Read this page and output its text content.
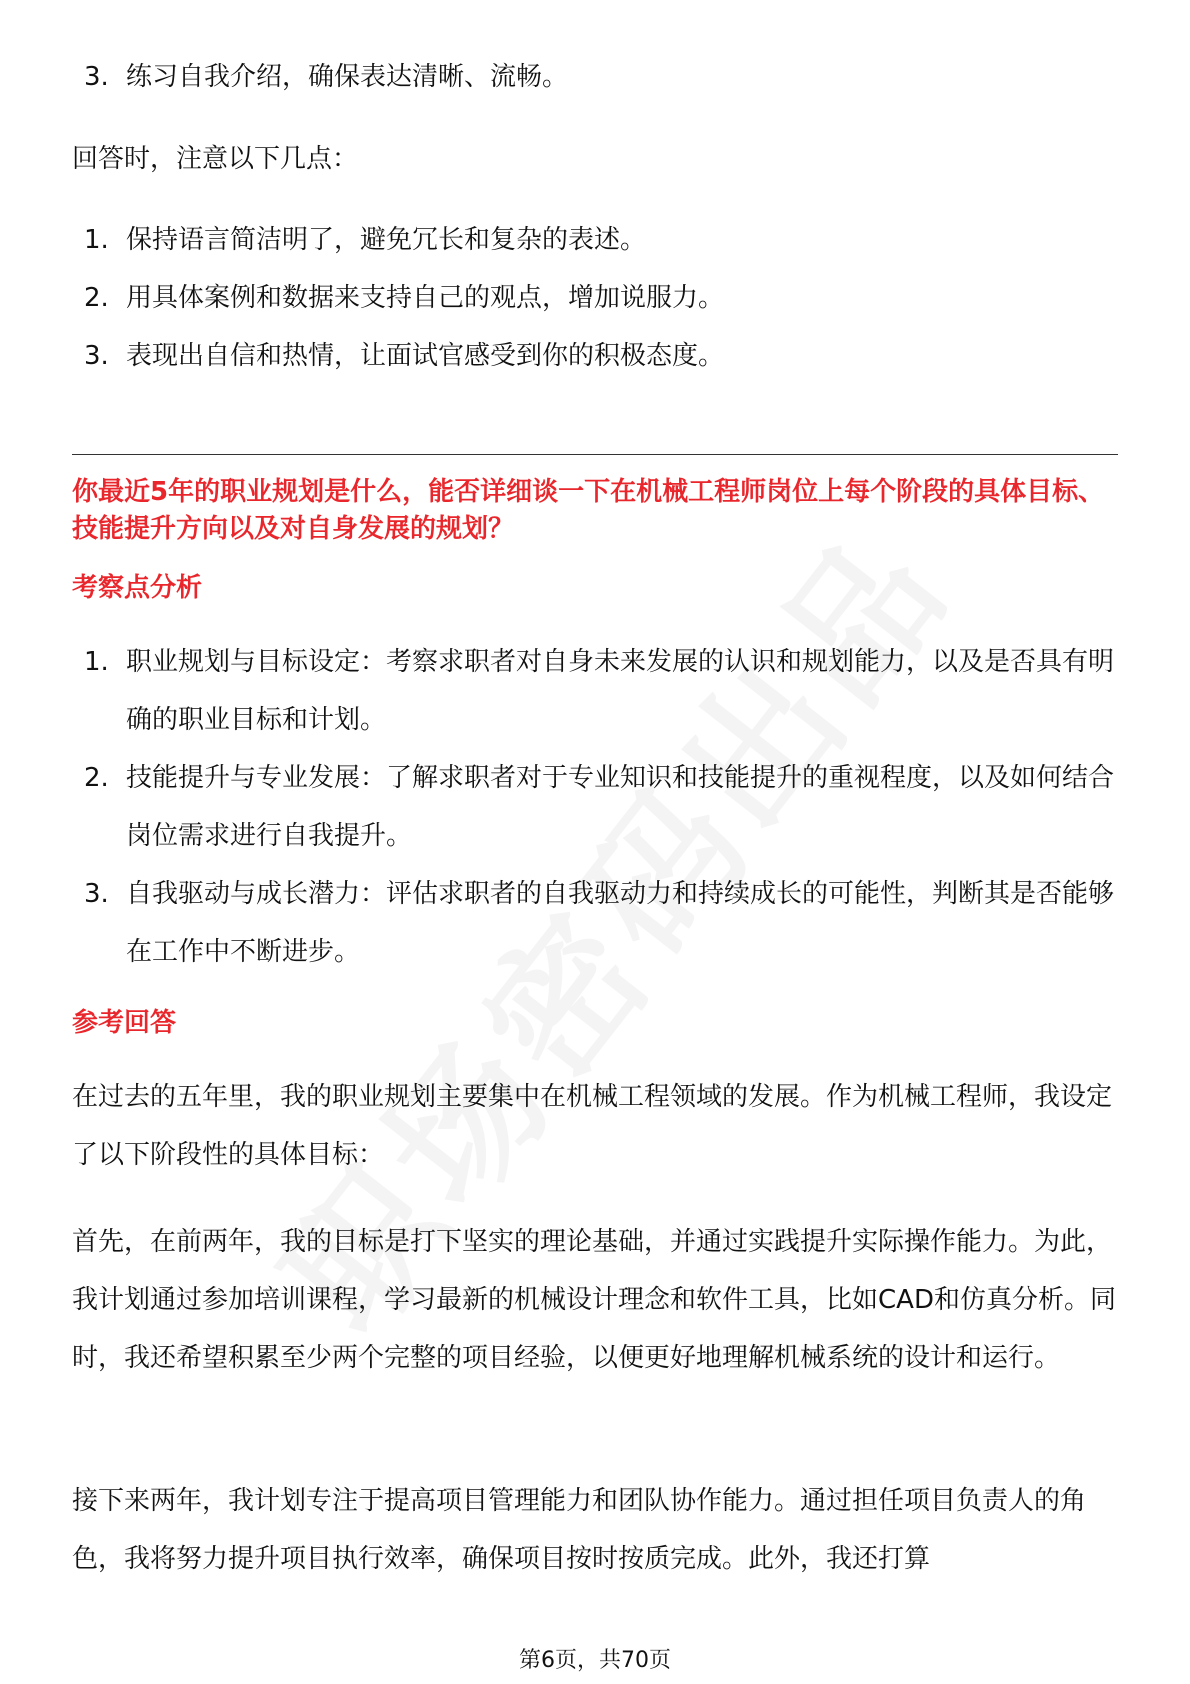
3. 练习自我介绍，确保表达清晰、流畅。

回答时，注意以下几点：

1. 保持语言简洁明了，避免冗长和复杂的表述。
2. 用具体案例和数据来支持自己的观点，增加说服力。
3. 表现出自信和热情，让面试官感受到你的积极态度。
你最近5年的职业规划是什么，能否详细谈一下在机械工程师岗位上每个阶段的具体目标、技能提升方向以及对自身发展的规划？
考察点分析
1. 职业规划与目标设定：考察求职者对自身未来发展的认识和规划能力，以及是否具有明确的职业目标和计划。
2. 技能提升与专业发展：了解求职者对于专业知识和技能提升的重视程度，以及如何结合岗位需求进行自我提升。
3. 自我驱动与成长潜力：评估求职者的自我驱动力和持续成长的可能性，判断其是否能够在工作中不断进步。
参考回答

在过去的五年里，我的职业规划主要集中在机械工程领域的发展。作为机械工程师，我设定了以下阶段性的具体目标：

首先，在前两年，我的目标是打下坚实的理论基础，并通过实践提升实际操作能力。为此，我计划通过参加培训课程，学习最新的机械设计理念和软件工具，比如CAD和仿真分析。同时，我还希望积累至少两个完整的项目经验，以便更好地理解机械系统的设计和运行。

接下来两年，我计划专注于提高项目管理能力和团队协作能力。通过担任项目负责人的角色，我将努力提升项目执行效率，确保项目按时按质完成。此外，我还打算

第6页，共70页
